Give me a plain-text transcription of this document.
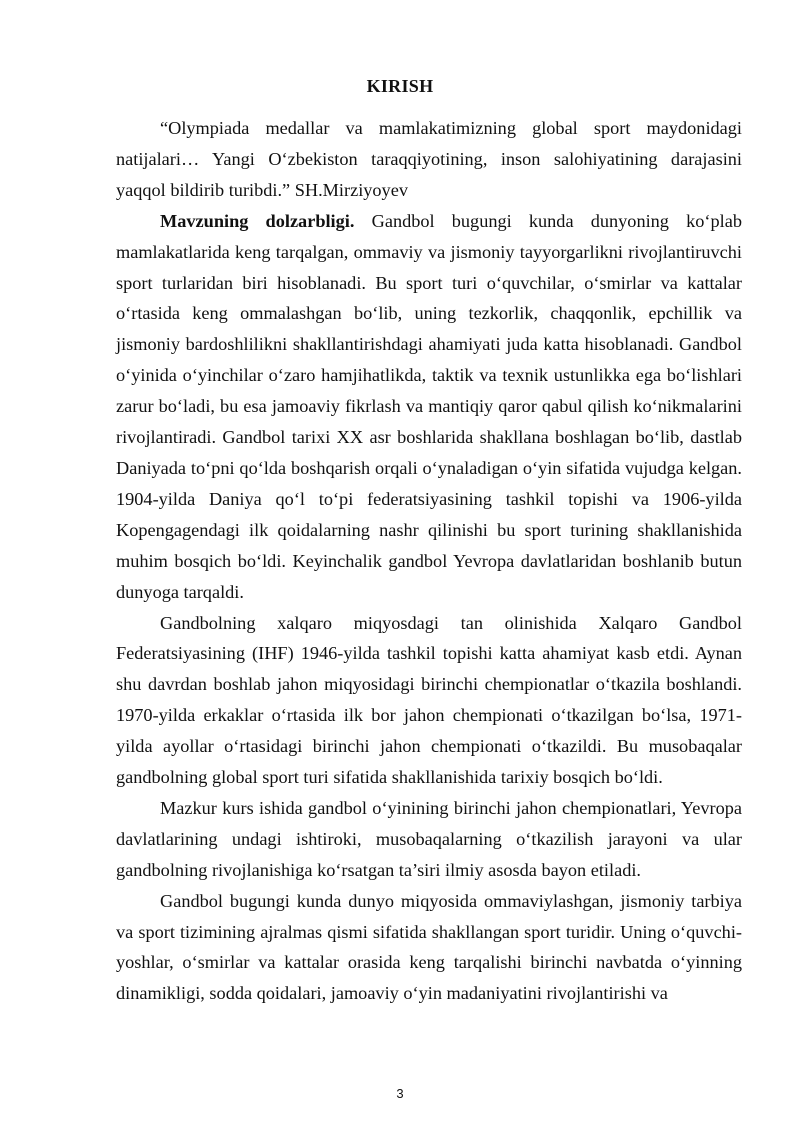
KIRISH

“Olympiada medallar va mamlakatimizning global sport maydonidagi natijalari… Yangi O‘zbekiston taraqqiyotining, inson salohiyatining darajasini yaqqol bildirib turibdi.” SH.Mirziyoyev

Mavzuning dolzarbligi. Gandbol bugungi kunda dunyoning ko‘plab mamlakatlarida keng tarqalgan, ommaviy va jismoniy tayyorgarlikni rivojlantiruvchi sport turlaridan biri hisoblanadi. Bu sport turi o‘quvchilar, o‘smirlar va kattalar o‘rtasida keng ommalashgan bo‘lib, uning tezkorlik, chaqqonlik, epchillik va jismoniy bardoshlilikni shakllantirishdagi ahamiyati juda katta hisoblanadi. Gandbol o‘yinida o‘yinchilar o‘zaro hamjihatlikda, taktik va texnik ustunlikka ega bo‘lishlari zarur bo‘ladi, bu esa jamoaviy fikrlash va mantiqiy qaror qabul qilish ko‘nikmalarini rivojlantiradi. Gandbol tarixi XX asr boshlarida shakllana boshlagan bo‘lib, dastlab Daniyada to‘pni qo‘lda boshqarish orqali o‘ynaladigan o‘yin sifatida vujudga kelgan. 1904-yilda Daniya qo‘l to‘pi federatsiyasining tashkil topishi va 1906-yilda Kopengagendagi ilk qoidalarning nashr qilinishi bu sport turining shakllanishida muhim bosqich bo‘ldi. Keyinchalik gandbol Yevropa davlatlaridan boshlanib butun dunyoga tarqaldi.

Gandbolning xalqaro miqyosdagi tan olinishida Xalqaro Gandbol Federatsiyasining (IHF) 1946-yilda tashkil topishi katta ahamiyat kasb etdi. Aynan shu davrdan boshlab jahon miqyosidagi birinchi chempionatlar o‘tkazila boshlandi. 1970-yilda erkaklar o‘rtasida ilk bor jahon chempionati o‘tkazilgan bo‘lsa, 1971-yilda ayollar o‘rtasidagi birinchi jahon chempionati o‘tkazildi. Bu musobaqalar gandbolning global sport turi sifatida shakllanishida tarixiy bosqich bo‘ldi.

Mazkur kurs ishida gandbol o‘yinining birinchi jahon chempionatlari, Yevropa davlatlarining undagi ishtiroki, musobaqalarning o‘tkazilish jarayoni va ular gandbolning rivojlanishiga ko‘rsatgan ta’siri ilmiy asosda bayon etiladi.

Gandbol bugungi kunda dunyo miqyosida ommaviylashgan, jismoniy tarbiya va sport tizimining ajralmas qismi sifatida shakllangan sport turidir. Uning o‘quvchi-yoshlar, o‘smirlar va kattalar orasida keng tarqalishi birinchi navbatda o‘yinning dinamikligi, sodda qoidalari, jamoaviy o‘yin madaniyatini rivojlantirishi va

3
